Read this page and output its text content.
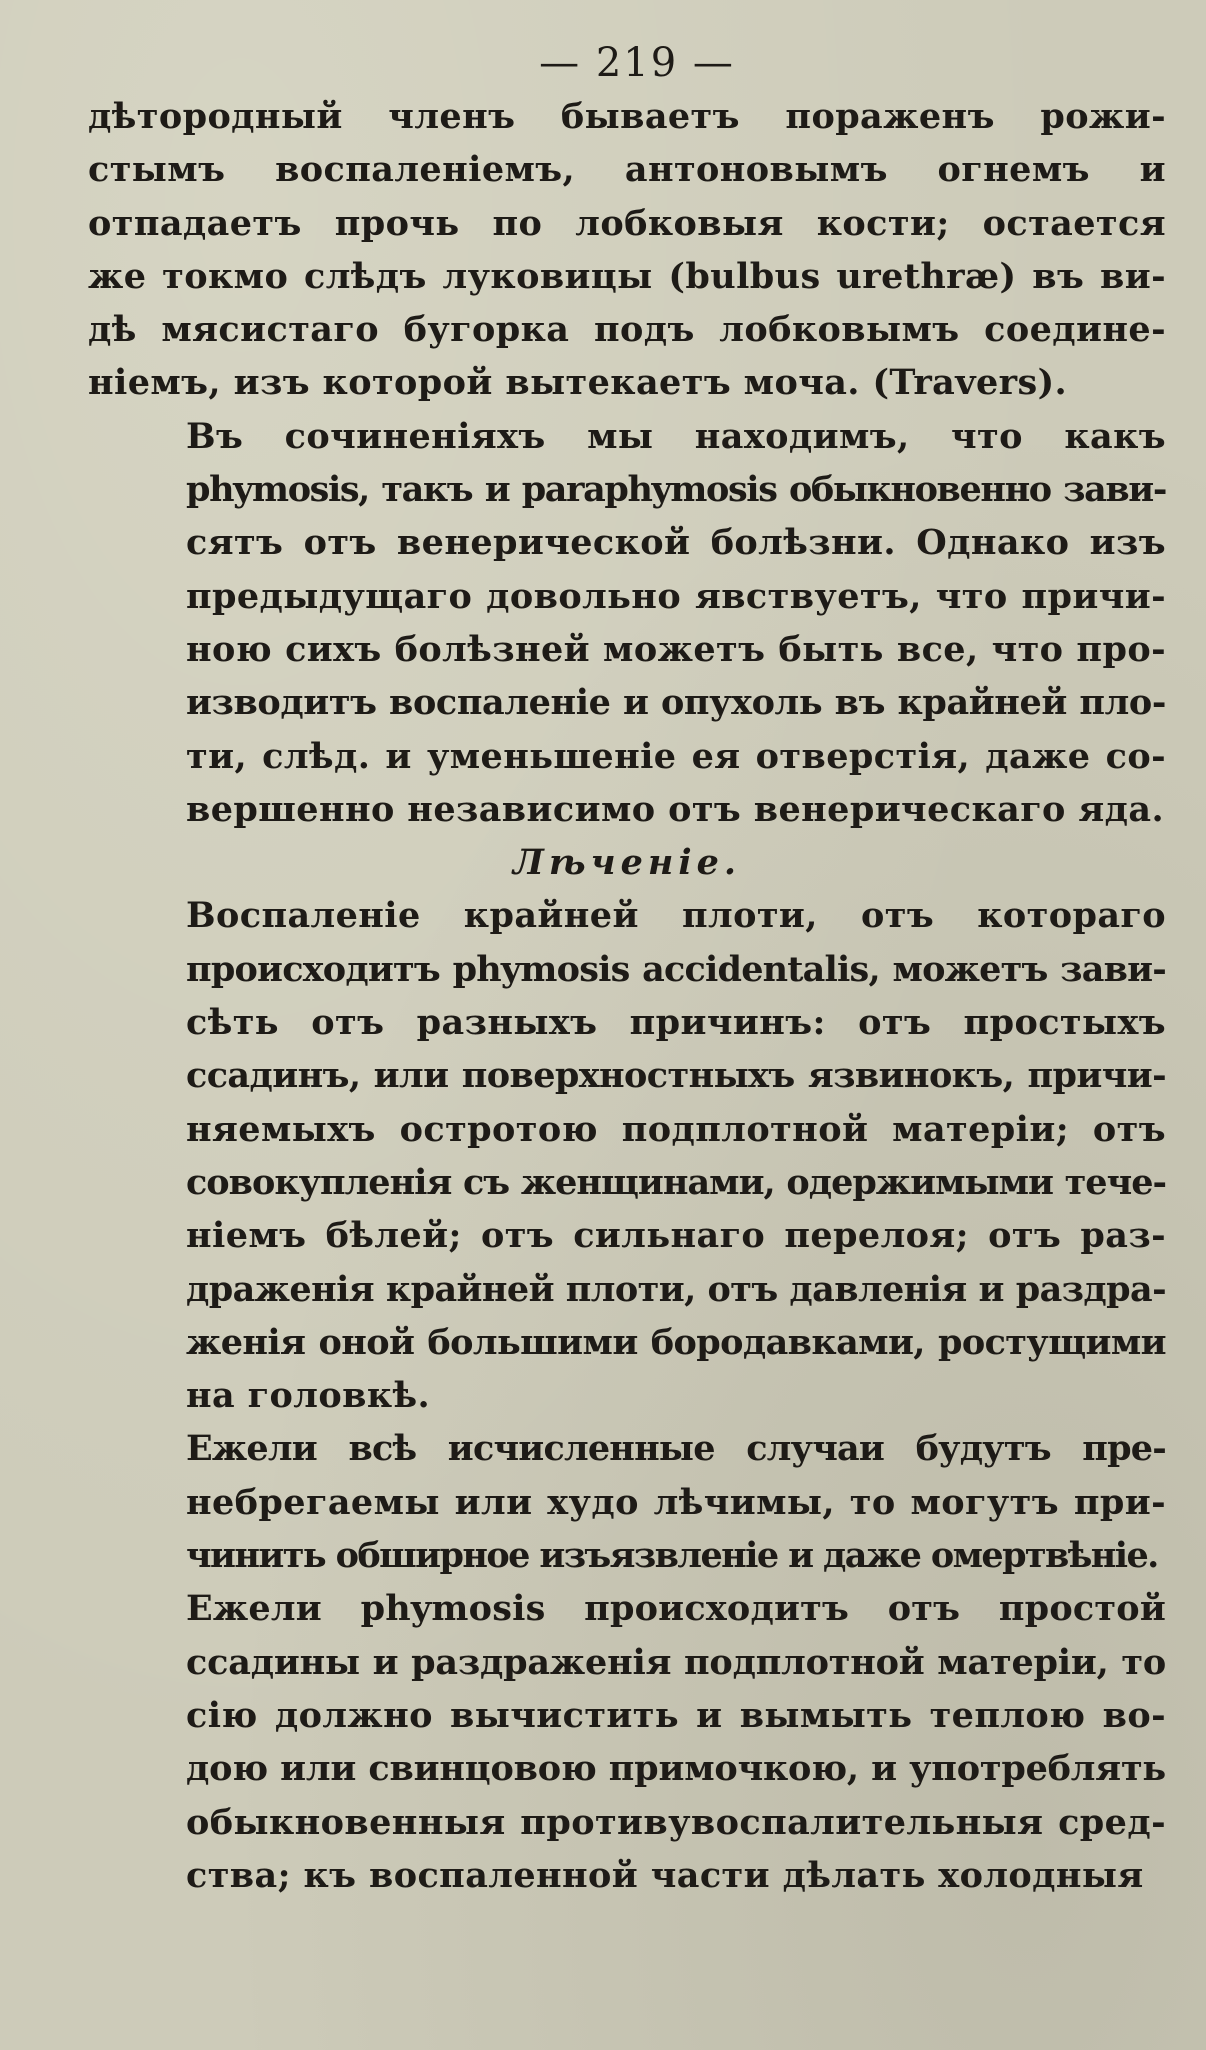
— 219 —
дѣтородный членъ бываетъ пораженъ рожи-
стымъ воспаленіемъ, антоновымъ огнемъ и
отпадаетъ прочь по лобковыя кости; остается
же токмо слѣдъ луковицы (bulbus urethræ) въ ви-
дѣ мясистаго бугорка подъ лобковымъ соедине-
ніемъ, изъ которой вытекаетъ моча. (Travers).
Въ сочиненіяхъ мы находимъ, что какъ
phymosis, такъ и paraphymosis обыкновенно зави-
сятъ отъ венерической болѣзни. Однако изъ
предыдущаго довольно явствуетъ, что причи-
ною сихъ болѣзней можетъ быть все, что про-
изводитъ воспаленіе и опухоль въ крайней пло-
ти, слѣд. и уменьшеніе ея отверстія, даже со-
вершенно независимо отъ венерическаго яда.
Лѣченіе.
Воспаленіе крайней плоти, отъ котораго
происходитъ phymosis accidentalis, можетъ зави-
сѣть отъ разныхъ причинъ: отъ простыхъ
ссадинъ, или поверхностныхъ язвинокъ, причи-
няемыхъ остротою подплотной матеріи; отъ
совокупленія съ женщинами, одержимыми тече-
ніемъ бѣлей; отъ сильнаго перелоя; отъ раз-
драженія крайней плоти, отъ давленія и раздра-
женія оной большими бородавками, ростущими
на головкѣ.
Ежели всѣ исчисленные случаи будутъ пре-
небрегаемы или худо лѣчимы, то могутъ при-
чинить обширное изъязвленіе и даже омертвѣніе.
Ежели phymosis происходитъ отъ простой
ссадины и раздраженія подплотной матеріи, то
сію должно вычистить и вымыть теплою во-
дою или свинцовою примочкою, и употреблять
обыкновенныя противувоспалительныя сред-
ства; къ воспаленной части дѣлать холодныя
